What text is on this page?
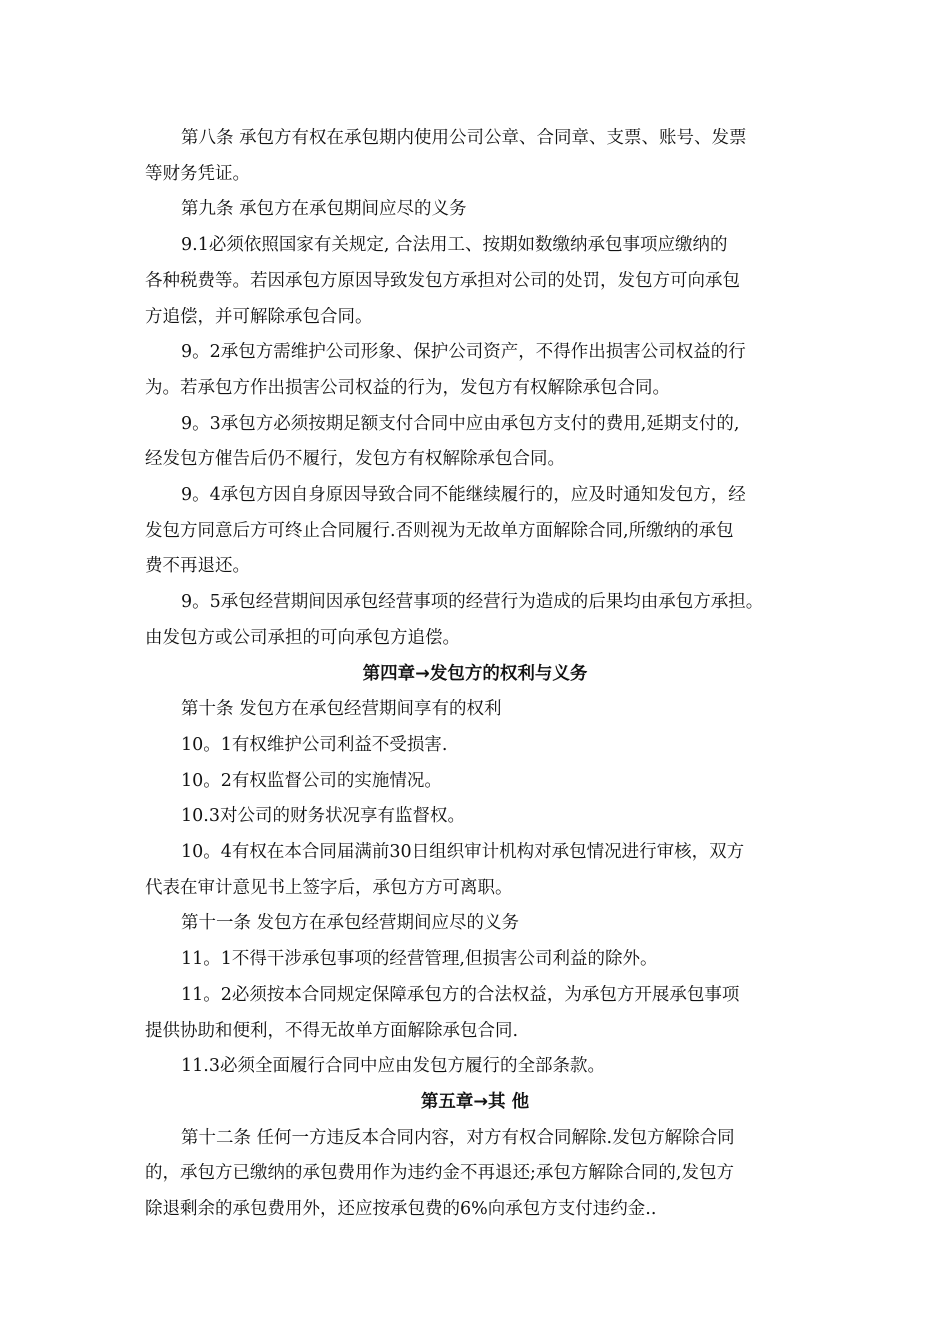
第八条 承包方有权在承包期内使用公司公章、合同章、支票、账号、发票
等财务凭证。
第九条 承包方在承包期间应尽的义务
9.1必须依照国家有关规定, 合法用工、按期如数缴纳承包事项应缴纳的
各种税费等。若因承包方原因导致发包方承担对公司的处罚，发包方可向承包
方追偿，并可解除承包合同。
9。2承包方需维护公司形象、保护公司资产，不得作出损害公司权益的行
为。若承包方作出损害公司权益的行为，发包方有权解除承包合同。
9。3承包方必须按期足额支付合同中应由承包方支付的费用,延期支付的,
经发包方催告后仍不履行，发包方有权解除承包合同。
9。4承包方因自身原因导致合同不能继续履行的，应及时通知发包方，经
发包方同意后方可终止合同履行.否则视为无故单方面解除合同,所缴纳的承包
费不再退还。
9。5承包经营期间因承包经营事项的经营行为造成的后果均由承包方承担。
由发包方或公司承担的可向承包方追偿。
第四章→发包方的权利与义务
第十条 发包方在承包经营期间享有的权利
10。1有权维护公司利益不受损害.
10。2有权监督公司的实施情况。
10.3对公司的财务状况享有监督权。
10。4有权在本合同届满前30日组织审计机构对承包情况进行审核，双方
代表在审计意见书上签字后，承包方方可离职。
第十一条 发包方在承包经营期间应尽的义务
11。1不得干涉承包事项的经营管理,但损害公司利益的除外。
11。2必须按本合同规定保障承包方的合法权益，为承包方开展承包事项
提供协助和便利，不得无故单方面解除承包合同.
11.3必须全面履行合同中应由发包方履行的全部条款。
第五章→其 他
第十二条 任何一方违反本合同内容，对方有权合同解除.发包方解除合同
的，承包方已缴纳的承包费用作为违约金不再退还;承包方解除合同的,发包方
除退剩余的承包费用外，还应按承包费的6%向承包方支付违约金..
